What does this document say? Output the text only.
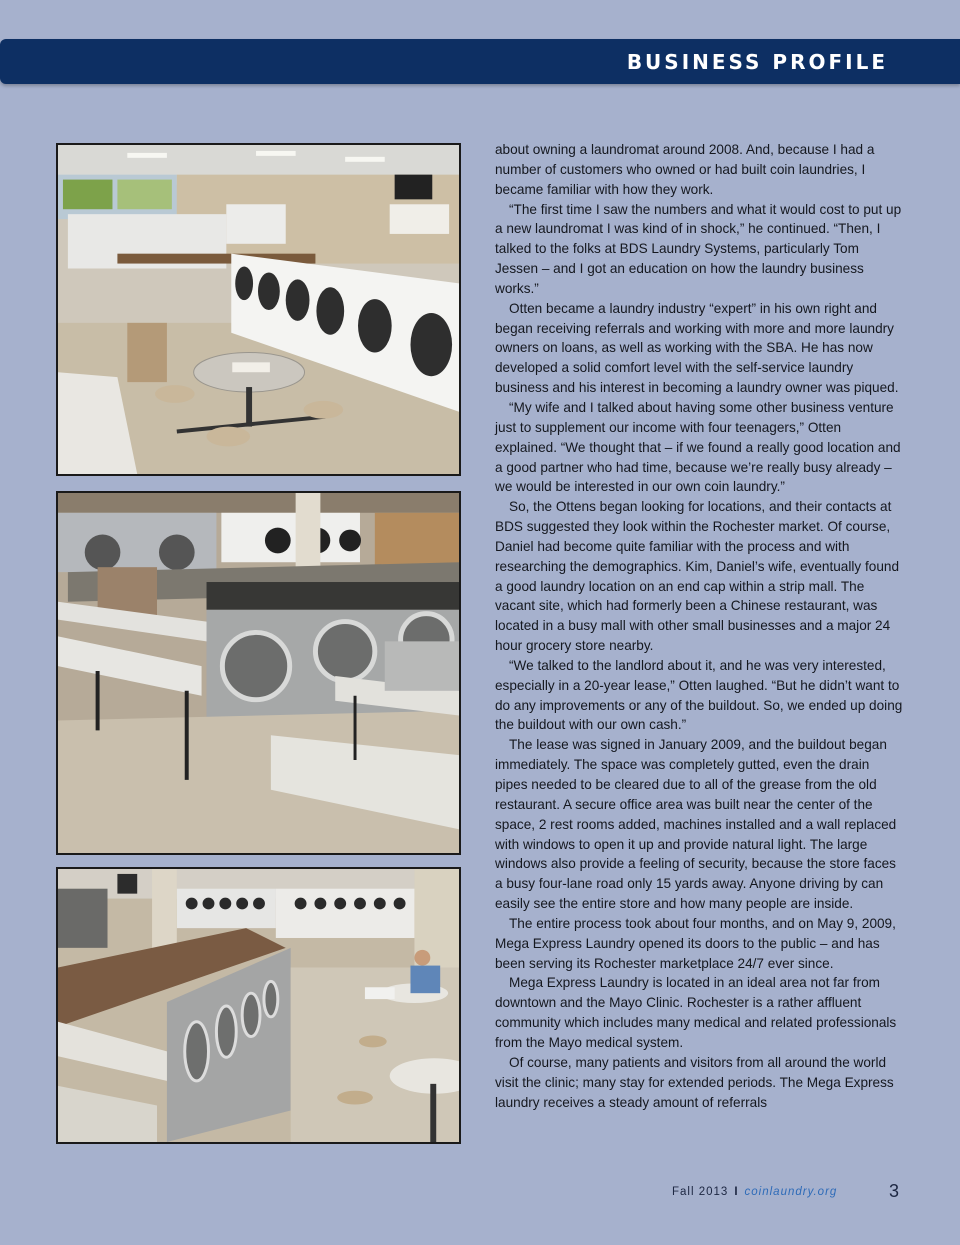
BUSINESS PROFILE

about owning a laundromat around 2008. And, because I had a number of customers who owned or had built coin laundries, I became familiar with how they work.

“The first time I saw the numbers and what it would cost to put up a new laundromat I was kind of in shock,” he continued. “Then, I talked to the folks at BDS Laundry Systems, particularly Tom Jessen – and I got an education on how the laundry business works.”

Otten became a laundry industry “expert” in his own right and began receiving referrals and working with more and more laundry owners on loans, as well as working with the SBA. He has now developed a solid comfort level with the self-service laundry business and his interest in becoming a laundry owner was piqued.

“My wife and I talked about having some other business venture just to supplement our income with four teenagers,” Otten explained. “We thought that – if we found a really good location and a good partner who had time, because we’re really busy already – we would be interested in our own coin laundry.”

So, the Ottens began looking for locations, and their contacts at BDS suggested they look within the Rochester market. Of course, Daniel had become quite familiar with the process and with researching the demographics. Kim, Daniel’s wife, eventually found a good laundry location on an end cap within a strip mall. The vacant site, which had formerly been a Chinese restaurant, was located in a busy mall with other small businesses and a major 24 hour grocery store nearby.

“We talked to the landlord about it, and he was very interested, especially in a 20-year lease,” Otten laughed. “But he didn’t want to do any improvements or any of the buildout. So, we ended up doing the buildout with our own cash.”

The lease was signed in January 2009, and the buildout began immediately. The space was completely gutted, even the drain pipes needed to be cleared due to all of the grease from the old restaurant. A secure office area was built near the center of the space, 2 rest rooms added, machines installed and a wall replaced with windows to open it up and provide natural light. The large windows also provide a feeling of security, because the store faces a busy four-lane road only 15 yards away. Anyone driving by can easily see the entire store and how many people are inside.

The entire process took about four months, and on May 9, 2009, Mega Express Laundry opened its doors to the public – and has been serving its Rochester marketplace 24/7 ever since.

Mega Express Laundry is located in an ideal area not far from downtown and the Mayo Clinic. Rochester is a rather affluent community which includes many medical and related professionals from the Mayo medical system.

Of course, many patients and visitors from all around the world visit the clinic; many stay for extended periods. The Mega Express laundry receives a steady amount of referrals

Fall 2013 I coinlaundry.org	3
